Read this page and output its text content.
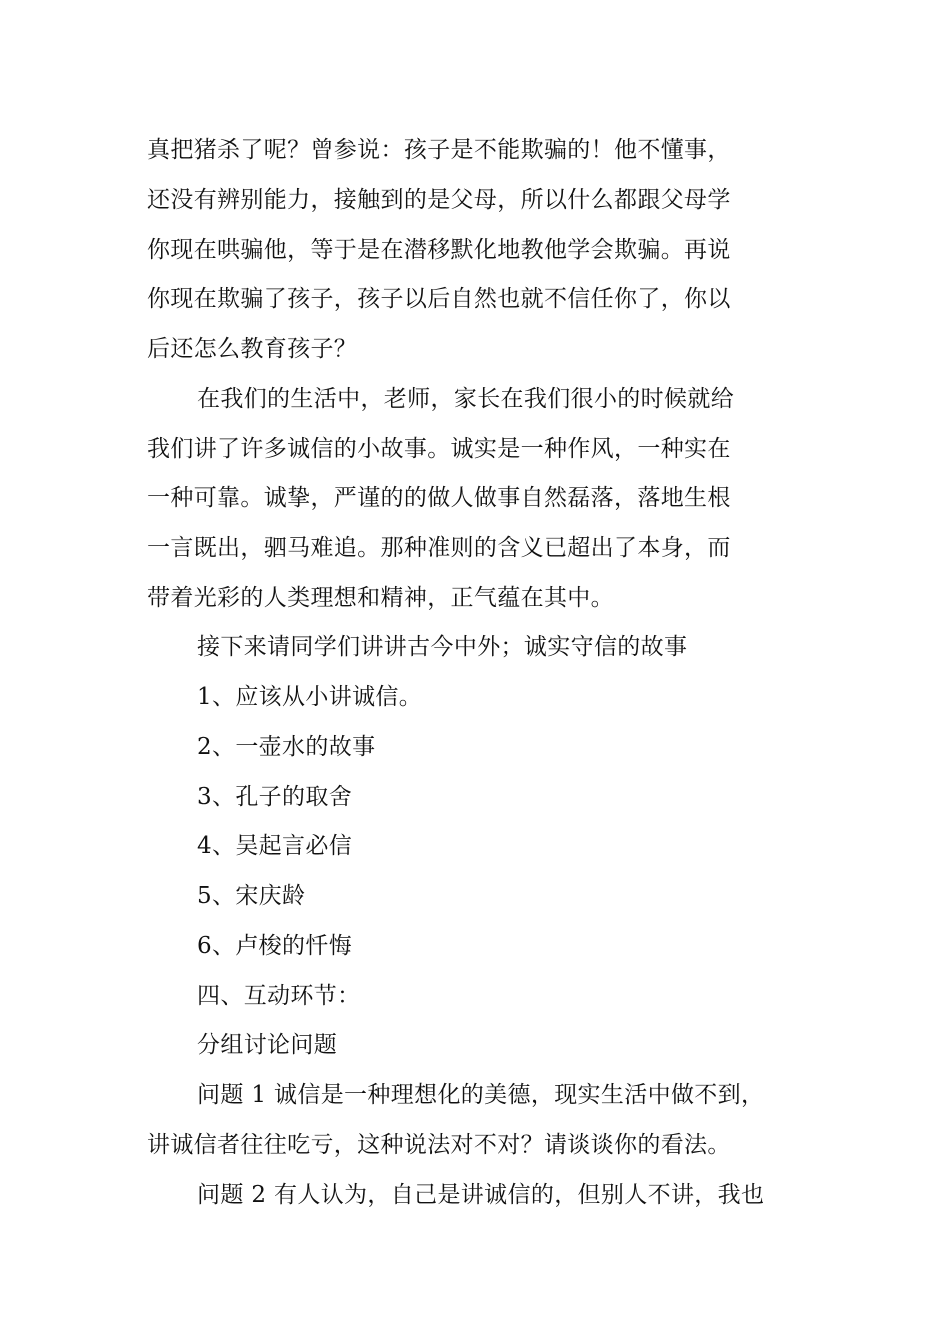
真把猪杀了呢？曾参说：孩子是不能欺骗的！他不懂事，
还没有辨别能力，接触到的是父母，所以什么都跟父母学
你现在哄骗他，等于是在潜移默化地教他学会欺骗。再说
你现在欺骗了孩子，孩子以后自然也就不信任你了，你以
后还怎么教育孩子？
在我们的生活中，老师，家长在我们很小的时候就给
我们讲了许多诚信的小故事。诚实是一种作风，一种实在
一种可靠。诚挚，严谨的的做人做事自然磊落，落地生根
一言既出，驷马难追。那种准则的含义已超出了本身，而
带着光彩的人类理想和精神，正气蕴在其中。
接下来请同学们讲讲古今中外；诚实守信的故事
1、应该从小讲诚信。
2、一壶水的故事
3、孔子的取舍
4、吴起言必信
5、宋庆龄
6、卢梭的忏悔
四、互动环节：
分组讨论问题
问题 1 诚信是一种理想化的美德，现实生活中做不到，
讲诚信者往往吃亏，这种说法对不对？请谈谈你的看法。
问题 2 有人认为，自己是讲诚信的，但别人不讲，我也
